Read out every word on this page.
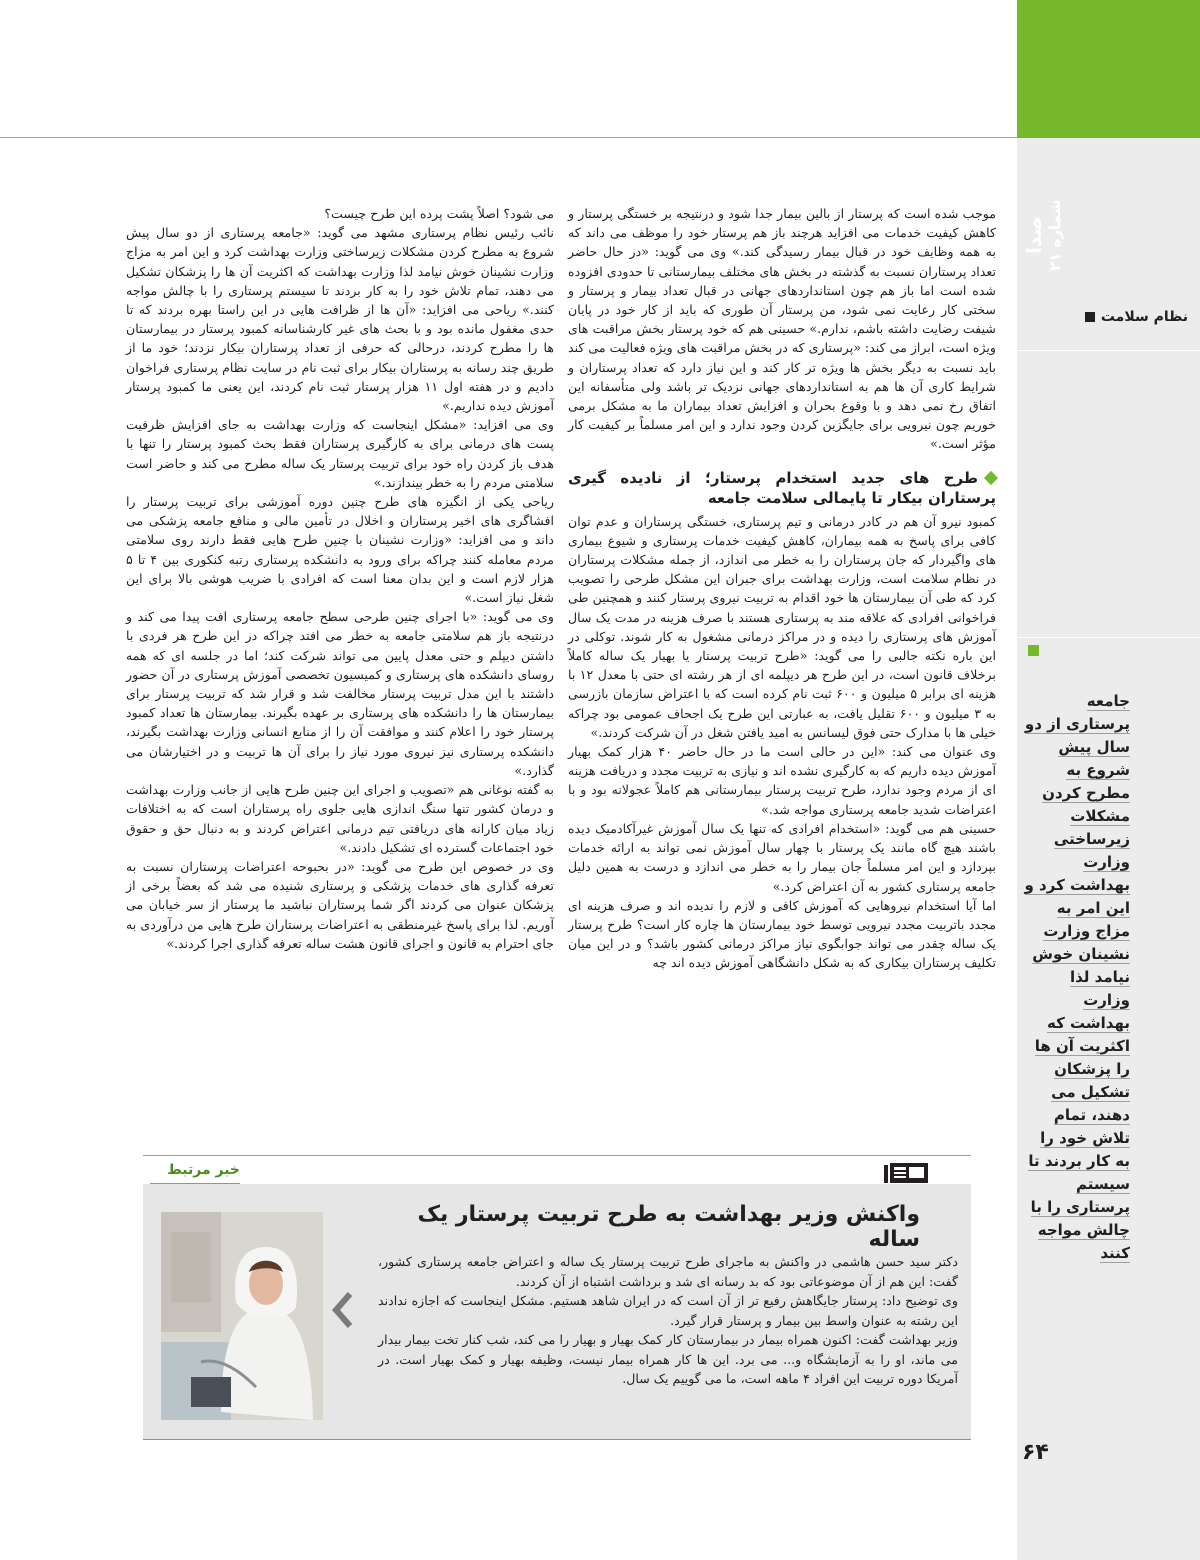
صدا
شماره ۲۱
نظام سلامت
جامعه پرستاری از دو سال پیش شروع به مطرح کردن مشکلات زیرساختی وزارت بهداشت کرد و این امر به مزاج وزارت نشینان خوش نیامد لذا وزارت بهداشت که اکثریت آن ها را پزشکان تشکیل می دهند، تمام تلاش خود را به کار بردند تا سیستم پرستاری را با چالش مواجه کنند

موجب شده است که پرستار از بالین بیمار جدا شود و درنتیجه بر خستگی پرستار و کاهش کیفیت خدمات می افزاید هرچند باز هم پرستار خود را موظف می داند که به همه وظایف خود در قبال بیمار رسیدگی کند.» وی می گوید: «در حال حاضر تعداد پرستاران نسبت به گذشته در بخش های مختلف بیمارستانی تا حدودی افزوده شده است اما باز هم چون استانداردهای جهانی در قبال تعداد بیمار و پرستار و سختی کار رعایت نمی شود، من پرستار آن طوری که باید از کار خود در پایان شیفت رضایت داشته باشم، ندارم.» حسینی هم که خود پرستار بخش مراقبت های ویژه است، ابراز می کند: «پرستاری که در بخش مراقبت های ویژه فعالیت می کند باید نسبت به دیگر بخش ها ویژه تر کار کند و این نیاز دارد که تعداد پرستاران و شرایط کاری آن ها هم به استانداردهای جهانی نزدیک تر باشد ولی متأسفانه این اتفاق رخ نمی دهد و با وقوع بحران و افزایش تعداد بیماران ما به مشکل برمی خوریم چون نیرویی برای جایگزین کردن وجود ندارد و این امر مسلماً بر کیفیت کار مؤثر است.»

طرح های جدید استخدام پرستار؛ از نادیده گیری پرستاران بیکار تا پایمالی سلامت جامعه

کمبود نیرو آن هم در کادر درمانی و تیم پرستاری، خستگی پرستاران و عدم توان کافی برای پاسخ به همه بیماران، کاهش کیفیت خدمات پرستاری و شیوع بیماری های واگیردار که جان پرستاران را به خطر می اندازد، از جمله مشکلات پرستاران در نظام سلامت است، وزارت بهداشت برای جبران این مشکل طرحی را تصویب کرد که طی آن بیمارستان ها خود اقدام به تربیت نیروی پرستار کنند و همچنین طی فراخوانی افرادی که علاقه مند به پرستاری هستند با صرف هزینه در مدت یک سال آموزش های پرستاری را دیده و در مراکز درمانی مشغول به کار شوند. توکلی در این باره نکته جالبی را می گوید: «طرح تربیت پرستار یا بهیار یک ساله کاملاً برخلاف قانون است، در این طرح هر دیپلمه ای از هر رشته ای حتی با معدل ۱۲ با هزینه ای برابر ۵ میلیون و ۶۰۰ ثبت نام کرده است که با اعتراض سازمان بازرسی به ۳ میلیون و ۶۰۰ تقلیل یافت، به عبارتی این طرح یک اجحاف عمومی بود چراکه خیلی ها با مدارک حتی فوق لیسانس به امید یافتن شغل در آن شرکت کردند.»

وی عنوان می کند: «این در حالی است ما در حال حاضر ۴۰ هزار کمک بهیار آموزش دیده داریم که به کارگیری نشده اند و نیازی به تربیت مجدد و دریافت هزینه ای از مردم وجود ندارد، طرح تربیت پرستار بیمارستانی هم کاملاً عجولانه بود و با اعتراضات شدید جامعه پرستاری مواجه شد.»

حسینی هم می گوید: «استخدام افرادی که تنها یک سال آموزش غیرآکادمیک دیده باشند هیچ گاه مانند یک پرستار با چهار سال آموزش نمی تواند به ارائه خدمات بپردازد و این امر مسلماً جان بیمار را به خطر می اندازد و درست به همین دلیل جامعه پرستاری کشور به آن اعتراض کرد.»

اما آیا استخدام نیروهایی که آموزش کافی و لازم را ندیده اند و صرف هزینه ای مجدد باتربیت مجدد نیرویی توسط خود بیمارستان ها چاره کار است؟ طرح پرستار یک ساله چقدر می تواند جوابگوی نیاز مراکز درمانی کشور باشد؟ و در این میان تکلیف پرستاران بیکاری که به شکل دانشگاهی آموزش دیده اند چه

می شود؟ اصلاً پشت پرده این طرح چیست؟

نائب رئیس نظام پرستاری مشهد می گوید: «جامعه پرستاری از دو سال پیش شروع به مطرح کردن مشکلات زیرساختی وزارت بهداشت کرد و این امر به مزاج وزارت نشینان خوش نیامد لذا وزارت بهداشت که اکثریت آن ها را پزشکان تشکیل می دهند، تمام تلاش خود را به کار بردند تا سیستم پرستاری را با چالش مواجه کنند.» ریاحی می افزاید: «آن ها از ظرافت هایی در این راستا بهره بردند که تا حدی مغفول مانده بود و با بحث های غیر کارشناسانه کمبود پرستار در بیمارستان ها را مطرح کردند، درحالی که حرفی از تعداد پرستاران بیکار نزدند؛ خود ما از طریق چند رسانه به پرستاران بیکار برای ثبت نام در سایت نظام پرستاری فراخوان دادیم و در هفته اول ۱۱ هزار پرستار ثبت نام کردند، این یعنی ما کمبود پرستار آموزش دیده نداریم.»

وی می افزاید: «مشکل اینجاست که وزارت بهداشت به جای افزایش ظرفیت پست های درمانی برای به کارگیری پرستاران فقط بحث کمبود پرستار را تنها با هدف باز کردن راه خود برای تربیت پرستار یک ساله مطرح می کند و حاضر است سلامتی مردم را به خطر بیندازند.»

ریاحی یکی از انگیزه های طرح چنین دوره آموزشی برای تربیت پرستار را افشاگری های اخیر پرستاران و اخلال در تأمین مالی و منافع جامعه پزشکی می داند و می افزاید: «وزارت نشینان با چنین طرح هایی فقط دارند روی سلامتی مردم معامله کنند چراکه برای ورود به دانشکده پرستاری رتبه کنکوری بین ۴ تا ۵ هزار لازم است و این بدان معنا است که افرادی با ضریب هوشی بالا برای این شغل نیاز است.»

وی می گوید: «با اجرای چنین طرحی سطح جامعه پرستاری افت پیدا می کند و درنتیجه باز هم سلامتی جامعه به خطر می افتد چراکه در این طرح هر فردی با داشتن دیپلم و حتی معدل پایین می تواند شرکت کند؛ اما در جلسه ای که همه روسای دانشکده های پرستاری و کمیسیون تخصصی آموزش پرستاری در آن حضور داشتند با این مدل تربیت پرستار مخالفت شد و قرار شد که تربیت پرستار برای بیمارستان ها را دانشکده های پرستاری بر عهده بگیرند. بیمارستان ها تعداد کمبود پرستار خود را اعلام کنند و موافقت آن را از منابع انسانی وزارت بهداشت بگیرند، دانشکده پرستاری نیز نیروی مورد نیاز را برای آن ها تربیت و در اختیارشان می گذارد.»

به گفته نوغانی هم «تصویب و اجرای این چنین طرح هایی از جانب وزارت بهداشت و درمان کشور تنها سنگ اندازی هایی جلوی راه پرستاران است که به اختلافات زیاد میان کارانه های دریافتی تیم درمانی اعتراض کردند و به دنبال حق و حقوق خود اجتماعات گسترده ای تشکیل دادند.»

وی در خصوص این طرح می گوید: «در بحبوحه اعتراضات پرستاران نسبت به تعرفه گذاری های خدمات پزشکی و پرستاری شنیده می شد که بعضاً برخی از پزشکان عنوان می کردند اگر شما پرستاران نباشید ما پرستار از سر خیابان می آوریم. لذا برای پاسخ غیرمنطقی به اعتراضات پرستاران طرح هایی من درآوردی به جای احترام به قانون و اجرای قانون هشت ساله تعرفه گذاری اجرا کردند.»

خبر مرتبط
واکنش وزیر بهداشت به طرح تربیت پرستار یک ساله

دکتر سید حسن هاشمی در واکنش به ماجرای طرح تربیت پرستار یک ساله و اعتراض جامعه پرستاری کشور، گفت: این هم از آن موضوعاتی بود که بد رسانه ای شد و برداشت اشتباه از آن کردند.

وی توضیح داد: پرستار جایگاهش رفیع تر از آن است که در ایران شاهد هستیم. مشکل اینجاست که اجازه ندادند این رشته به عنوان واسط بین بیمار و پرستار قرار گیرد.

وزیر بهداشت گفت: اکنون همراه بیمار در بیمارستان کار کمک بهیار و بهیار را می کند، شب کنار تخت بیمار بیدار می ماند، او را به آزمایشگاه و... می برد. این ها کار همراه بیمار نیست، وظیفه بهیار و کمک بهیار است. در آمریکا دوره تربیت این افراد ۴ ماهه است، ما می گوییم یک سال.

۶۴
